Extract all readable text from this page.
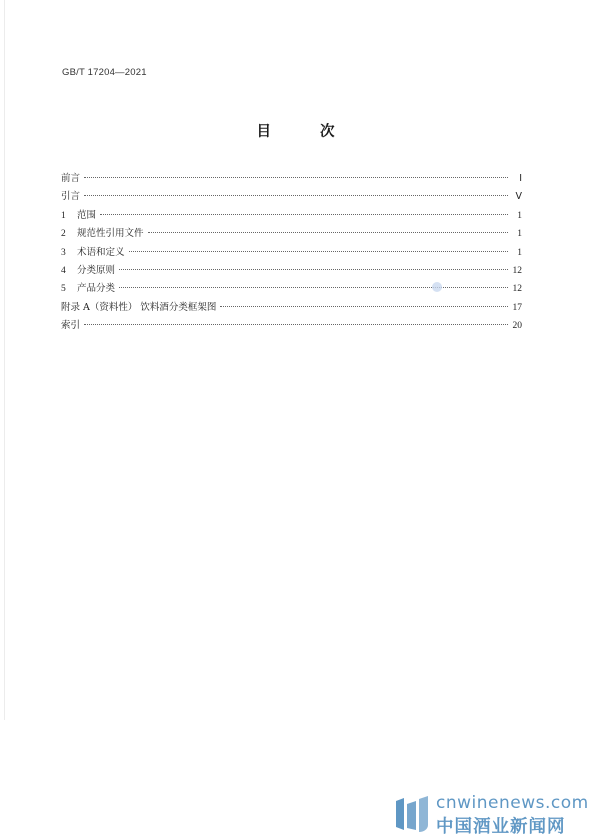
GB/T 17204—2021
目 次
前言	Ⅰ
引言	Ⅴ
1	范围	1
2	规范性引用文件	1
3	术语和定义	1
4	分类原则	12
5	产品分类	12
附录 A（资料性） 饮料酒分类框架图	17
索引	20
cnwinenews.com
中国酒业新闻网
